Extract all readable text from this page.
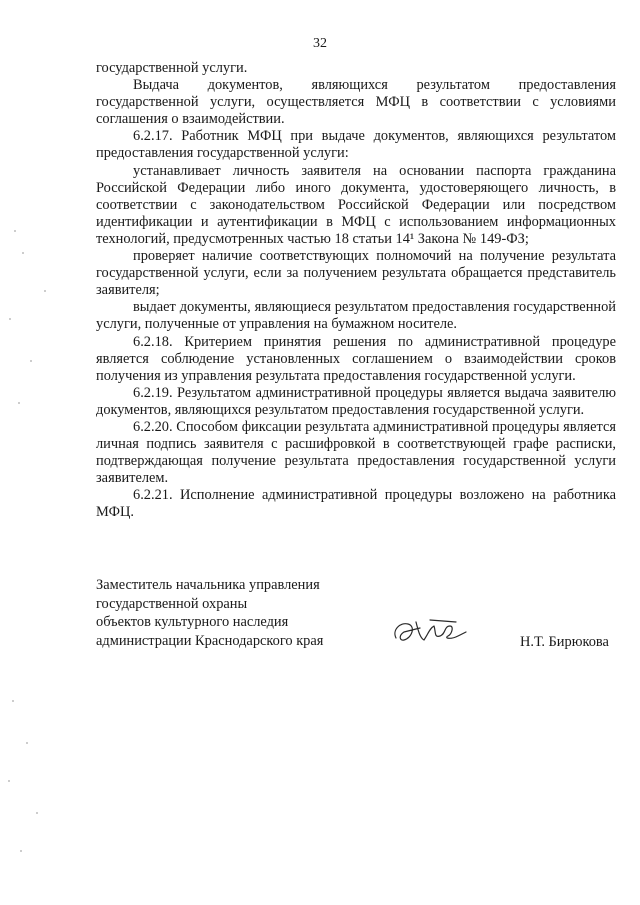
32

государственной услуги.

Выдача документов, являющихся результатом предоставления государственной услуги, осуществляется МФЦ в соответствии с условиями соглашения о взаимодействии.

6.2.17. Работник МФЦ при выдаче документов, являющихся результатом предоставления государственной услуги:

устанавливает личность заявителя на основании паспорта гражданина Российской Федерации либо иного документа, удостоверяющего личность, в соответствии с законодательством Российской Федерации или посредством идентификации и аутентификации в МФЦ с использованием информационных технологий, предусмотренных частью 18 статьи 14¹ Закона № 149-ФЗ;

проверяет наличие соответствующих полномочий на получение результата государственной услуги, если за получением результата обращается представитель заявителя;

выдает документы, являющиеся результатом предоставления государственной услуги, полученные от управления на бумажном носителе.

6.2.18. Критерием принятия решения по административной процедуре является соблюдение установленных соглашением о взаимодействии сроков получения из управления результата предоставления государственной услуги.

6.2.19. Результатом административной процедуры является выдача заявителю документов, являющихся результатом предоставления государственной услуги.

6.2.20. Способом фиксации результата административной процедуры является личная подпись заявителя с расшифровкой в соответствующей графе расписки, подтверждающая получение результата предоставления государственной услуги заявителем.

6.2.21. Исполнение административной процедуры возложено на работника МФЦ.

Заместитель начальника управления
государственной охраны
объектов культурного наследия
администрации Краснодарского края	Н.Т. Бирюкова
